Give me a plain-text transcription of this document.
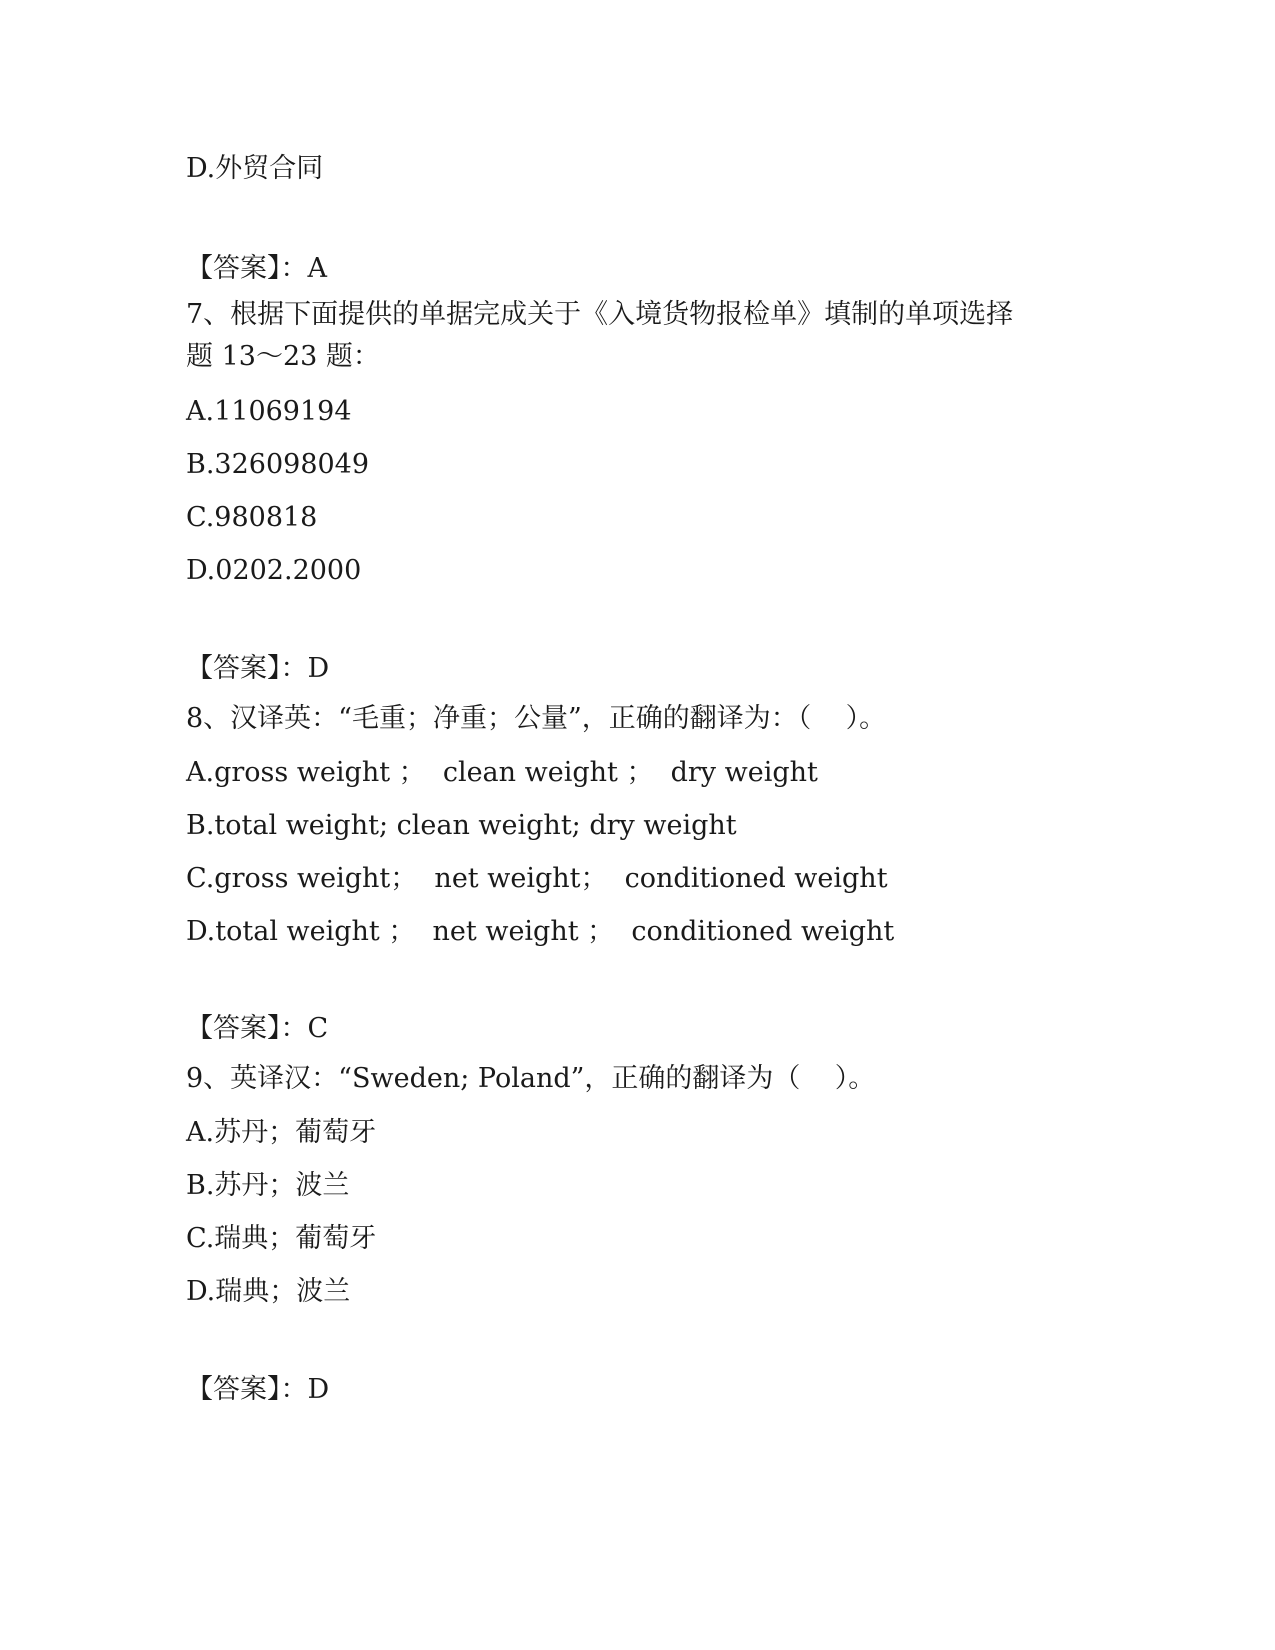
D.外贸合同
【答案】：A
7、根据下面提供的单据完成关于《入境货物报检单》填制的单项选择
题 13～23 题：
A.11069194
B.326098049
C.980818
D.0202.2000
【答案】：D
8、汉译英：“毛重；净重；公量”，正确的翻译为：（    ）。
A.gross weight ；  clean weight ；  dry weight
B.total weight; clean weight; dry weight
C.gross weight；  net weight；  conditioned weight
D.total weight ；  net weight ；  conditioned weight
【答案】：C
9、英译汉：“Sweden; Poland”，正确的翻译为（    ）。
A.苏丹；葡萄牙
B.苏丹；波兰
C.瑞典；葡萄牙
D.瑞典；波兰
【答案】：D
